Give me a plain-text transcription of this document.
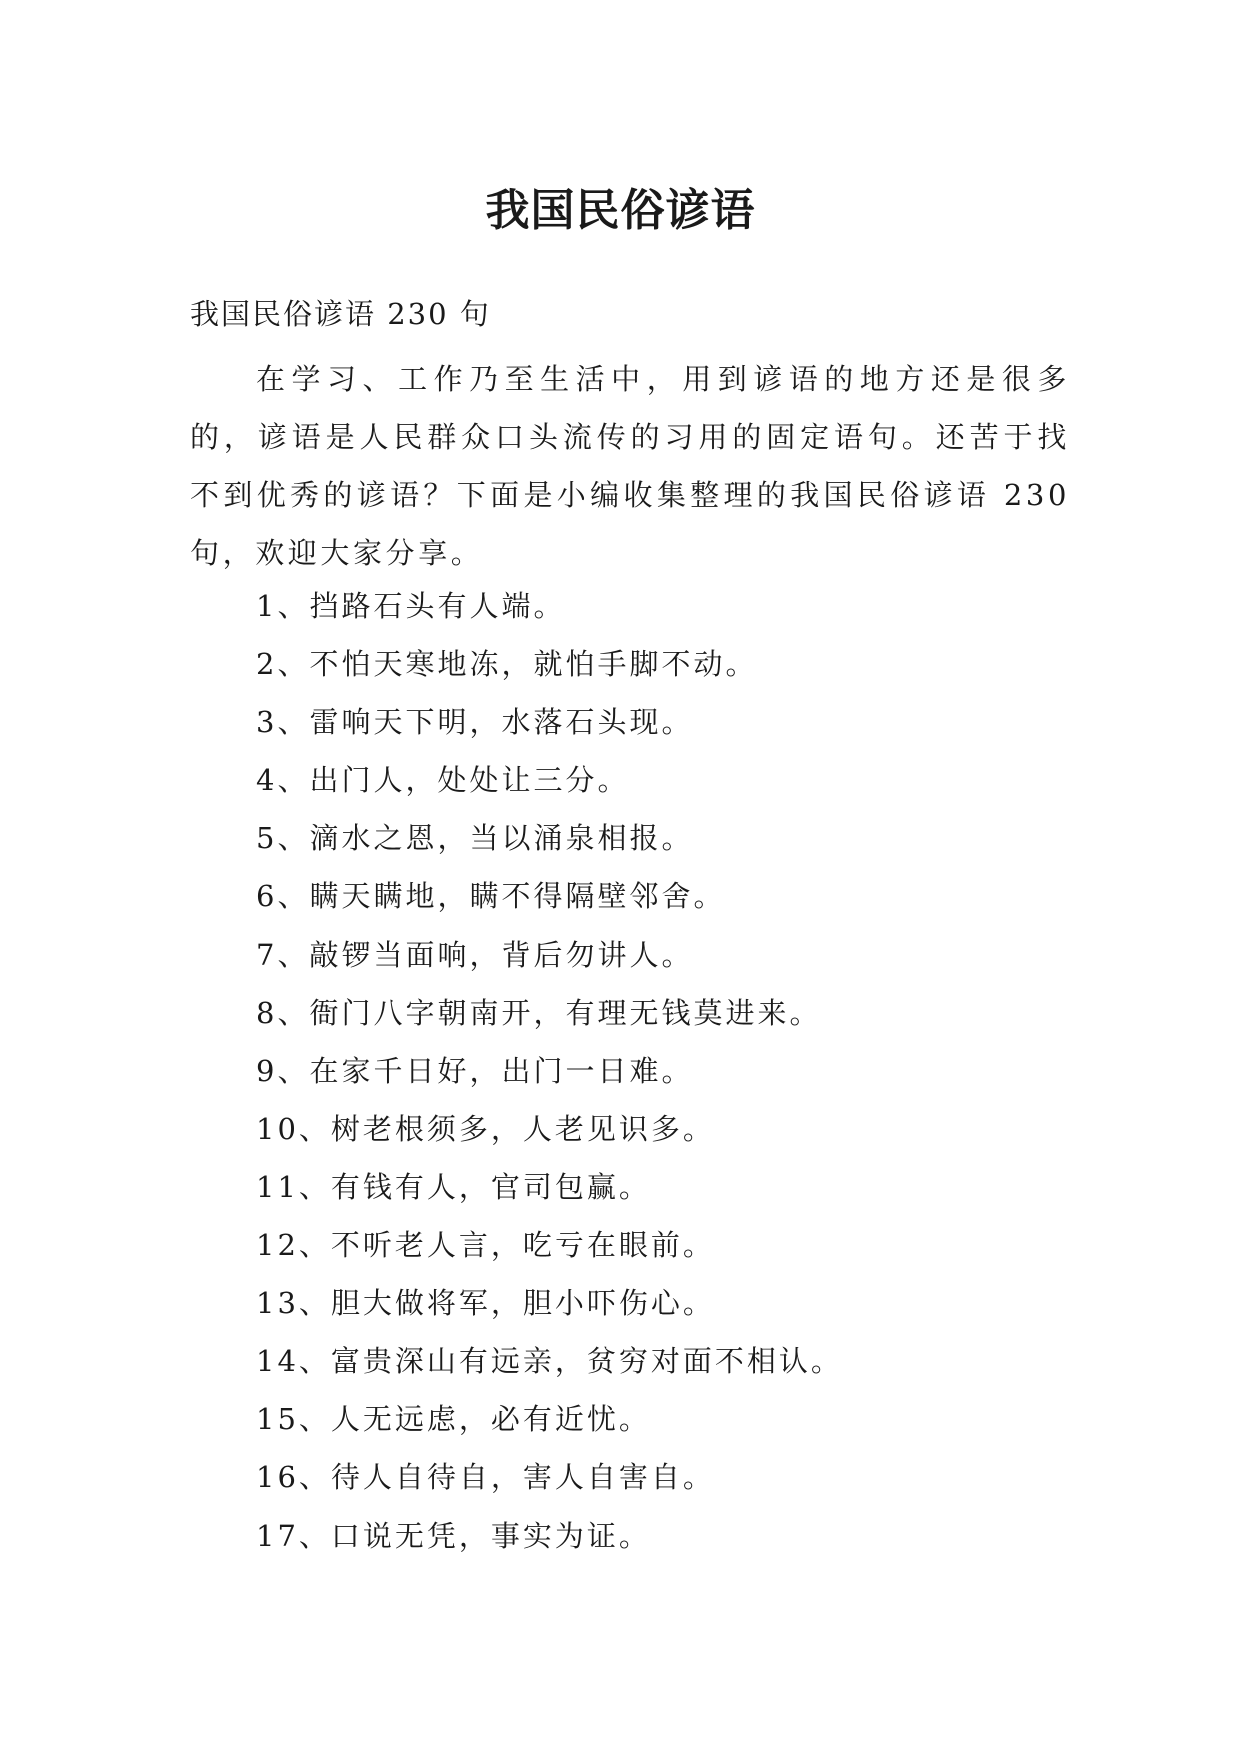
我国民俗谚语
我国民俗谚语 230 句

在学习、工作乃至生活中，用到谚语的地方还是很多的，谚语是人民群众口头流传的习用的固定语句。还苦于找不到优秀的谚语？下面是小编收集整理的我国民俗谚语 230 句，欢迎大家分享。

1、挡路石头有人端。
2、不怕天寒地冻，就怕手脚不动。
3、雷响天下明，水落石头现。
4、出门人，处处让三分。
5、滴水之恩，当以涌泉相报。
6、瞒天瞒地，瞒不得隔壁邻舍。
7、敲锣当面响，背后勿讲人。
8、衙门八字朝南开，有理无钱莫进来。
9、在家千日好，出门一日难。
10、树老根须多，人老见识多。
11、有钱有人，官司包赢。
12、不听老人言，吃亏在眼前。
13、胆大做将军，胆小吓伤心。
14、富贵深山有远亲，贫穷对面不相认。
15、人无远虑，必有近忧。
16、待人自待自，害人自害自。
17、口说无凭，事实为证。
